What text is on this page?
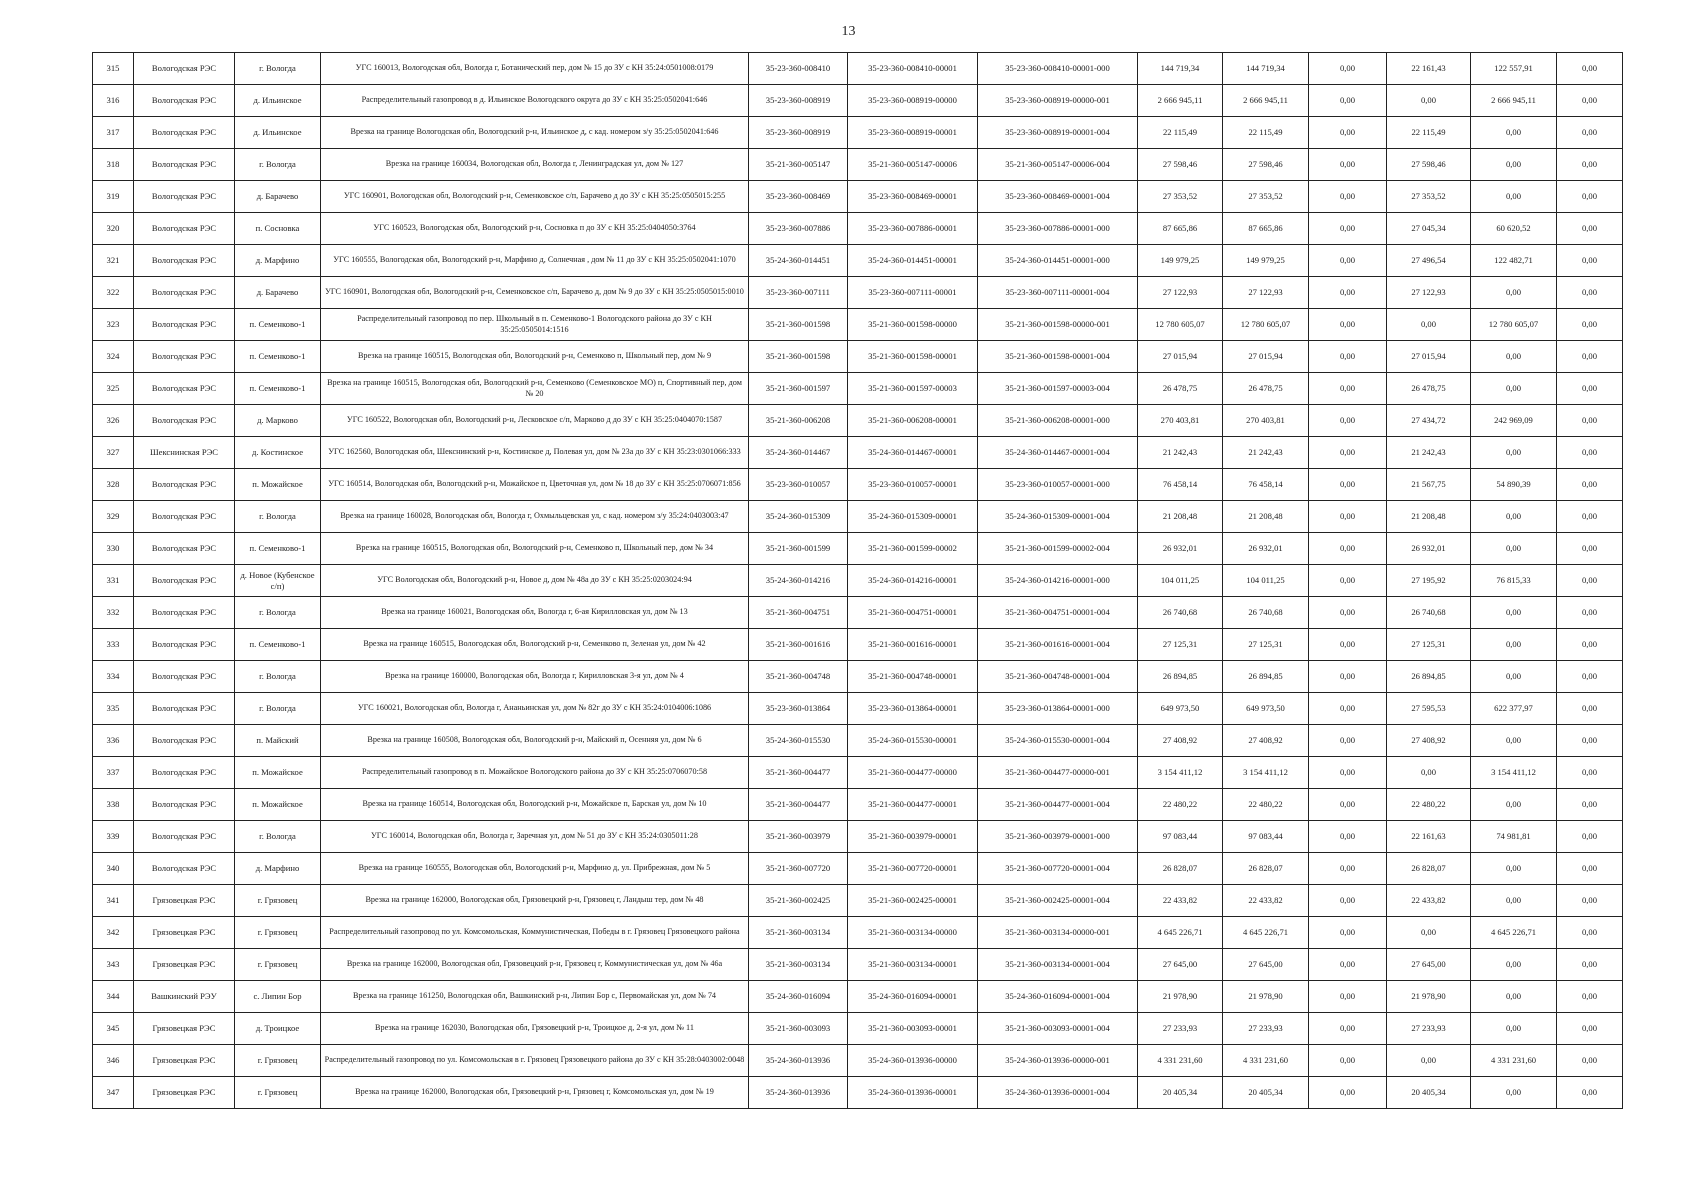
13
315	Вологодская РЭС	г. Вологда	УГС 160013, Вологодская обл, Вологда г, Ботанический пер, дом № 15 до ЗУ с КН 35:24:0501008:0179	35-23-360-008410	35-23-360-008410-00001	35-23-360-008410-00001-000	144 719,34	144 719,34	0,00	22 161,43	122 557,91	0,00
316	Вологодская РЭС	д. Ильинское	Распределительный газопровод в д. Ильинское Вологодского округа до ЗУ с КН 35:25:0502041:646	35-23-360-008919	35-23-360-008919-00000	35-23-360-008919-00000-001	2 666 945,11	2 666 945,11	0,00	0,00	2 666 945,11	0,00
317	Вологодская РЭС	д. Ильинское	Врезка на границе Вологодская обл, Вологодский р-н, Ильинское д, с кад. номером з/у 35:25:0502041:646	35-23-360-008919	35-23-360-008919-00001	35-23-360-008919-00001-004	22 115,49	22 115,49	0,00	22 115,49	0,00	0,00
318	Вологодская РЭС	г. Вологда	Врезка на границе 160034, Вологодская обл, Вологда г, Ленинградская ул, дом № 127	35-21-360-005147	35-21-360-005147-00006	35-21-360-005147-00006-004	27 598,46	27 598,46	0,00	27 598,46	0,00	0,00
319	Вологодская РЭС	д. Барачево	УГС 160901, Вологодская обл, Вологодский р-н, Семенковское с/п, Барачево д до ЗУ с КН 35:25:0505015:255	35-23-360-008469	35-23-360-008469-00001	35-23-360-008469-00001-004	27 353,52	27 353,52	0,00	27 353,52	0,00	0,00
320	Вологодская РЭС	п. Сосновка	УГС 160523, Вологодская обл, Вологодский р-н, Сосновка п до ЗУ с КН 35:25:0404050:3764	35-23-360-007886	35-23-360-007886-00001	35-23-360-007886-00001-000	87 665,86	87 665,86	0,00	27 045,34	60 620,52	0,00
321	Вологодская РЭС	д. Марфино	УГС 160555, Вологодская обл, Вологодский р-н, Марфино д, Солнечная , дом № 11 до ЗУ с КН 35:25:0502041:1070	35-24-360-014451	35-24-360-014451-00001	35-24-360-014451-00001-000	149 979,25	149 979,25	0,00	27 496,54	122 482,71	0,00
322	Вологодская РЭС	д. Барачево	УГС 160901, Вологодская обл, Вологодский р-н, Семенковское с/п, Барачево д, дом № 9 до ЗУ с КН 35:25:0505015:0010	35-23-360-007111	35-23-360-007111-00001	35-23-360-007111-00001-004	27 122,93	27 122,93	0,00	27 122,93	0,00	0,00
323	Вологодская РЭС	п. Семенково-1	Распределительный газопровод по пер. Школьный в п. Семенково-1 Вологодского района до ЗУ с КН 35:25:0505014:1516	35-21-360-001598	35-21-360-001598-00000	35-21-360-001598-00000-001	12 780 605,07	12 780 605,07	0,00	0,00	12 780 605,07	0,00
324	Вологодская РЭС	п. Семенково-1	Врезка на границе 160515, Вологодская обл, Вологодский р-н, Семенково п, Школьный пер, дом № 9	35-21-360-001598	35-21-360-001598-00001	35-21-360-001598-00001-004	27 015,94	27 015,94	0,00	27 015,94	0,00	0,00
325	Вологодская РЭС	п. Семенково-1	Врезка на границе 160515, Вологодская обл, Вологодский р-н, Семенково (Семенковское МО) п, Спортивный пер, дом № 20	35-21-360-001597	35-21-360-001597-00003	35-21-360-001597-00003-004	26 478,75	26 478,75	0,00	26 478,75	0,00	0,00
326	Вологодская РЭС	д. Марково	УГС 160522, Вологодская обл, Вологодский р-н, Лесковское с/п, Марково д до ЗУ с КН 35:25:0404070:1587	35-21-360-006208	35-21-360-006208-00001	35-21-360-006208-00001-000	270 403,81	270 403,81	0,00	27 434,72	242 969,09	0,00
327	Шекснинская РЭС	д. Костинское	УГС 162560, Вологодская обл, Шекснинский р-н, Костинское д, Полевая ул, дом № 23а до ЗУ с КН 35:23:0301066:333	35-24-360-014467	35-24-360-014467-00001	35-24-360-014467-00001-004	21 242,43	21 242,43	0,00	21 242,43	0,00	0,00
328	Вологодская РЭС	п. Можайское	УГС 160514, Вологодская обл, Вологодский р-н, Можайское п, Цветочная ул, дом № 18 до ЗУ с КН 35:25:0706071:856	35-23-360-010057	35-23-360-010057-00001	35-23-360-010057-00001-000	76 458,14	76 458,14	0,00	21 567,75	54 890,39	0,00
329	Вологодская РЭС	г. Вологда	Врезка на границе 160028, Вологодская обл, Вологда г, Охмыльцевская ул, с кад. номером з/у 35:24:0403003:47	35-24-360-015309	35-24-360-015309-00001	35-24-360-015309-00001-004	21 208,48	21 208,48	0,00	21 208,48	0,00	0,00
330	Вологодская РЭС	п. Семенково-1	Врезка на границе 160515, Вологодская обл, Вологодский р-н, Семенково п, Школьный пер, дом № 34	35-21-360-001599	35-21-360-001599-00002	35-21-360-001599-00002-004	26 932,01	26 932,01	0,00	26 932,01	0,00	0,00
331	Вологодская РЭС	д. Новое (Кубенское с/п)	УГС Вологодская обл, Вологодский р-н, Новое д, дом № 48а до ЗУ с КН 35:25:0203024:94	35-24-360-014216	35-24-360-014216-00001	35-24-360-014216-00001-000	104 011,25	104 011,25	0,00	27 195,92	76 815,33	0,00
332	Вологодская РЭС	г. Вологда	Врезка на границе 160021, Вологодская обл, Вологда г, 6-ая Кирилловская ул, дом № 13	35-21-360-004751	35-21-360-004751-00001	35-21-360-004751-00001-004	26 740,68	26 740,68	0,00	26 740,68	0,00	0,00
333	Вологодская РЭС	п. Семенково-1	Врезка на границе 160515, Вологодская обл, Вологодский р-н, Семенково п, Зеленая ул, дом № 42	35-21-360-001616	35-21-360-001616-00001	35-21-360-001616-00001-004	27 125,31	27 125,31	0,00	27 125,31	0,00	0,00
334	Вологодская РЭС	г. Вологда	Врезка на границе 160000, Вологодская обл, Вологда г, Кирилловская 3-я ул, дом № 4	35-21-360-004748	35-21-360-004748-00001	35-21-360-004748-00001-004	26 894,85	26 894,85	0,00	26 894,85	0,00	0,00
335	Вологодская РЭС	г. Вологда	УГС 160021, Вологодская обл, Вологда г, Ананьинская ул, дом № 82г до ЗУ с КН 35:24:0104006:1086	35-23-360-013864	35-23-360-013864-00001	35-23-360-013864-00001-000	649 973,50	649 973,50	0,00	27 595,53	622 377,97	0,00
336	Вологодская РЭС	п. Майский	Врезка на границе 160508, Вологодская обл, Вологодский р-н, Майский п, Осенняя ул, дом № 6	35-24-360-015530	35-24-360-015530-00001	35-24-360-015530-00001-004	27 408,92	27 408,92	0,00	27 408,92	0,00	0,00
337	Вологодская РЭС	п. Можайское	Распределительный газопровод в п. Можайское Вологодского района до ЗУ с КН 35:25:0706070:58	35-21-360-004477	35-21-360-004477-00000	35-21-360-004477-00000-001	3 154 411,12	3 154 411,12	0,00	0,00	3 154 411,12	0,00
338	Вологодская РЭС	п. Можайское	Врезка на границе 160514, Вологодская обл, Вологодский р-н, Можайское п, Барская ул, дом № 10	35-21-360-004477	35-21-360-004477-00001	35-21-360-004477-00001-004	22 480,22	22 480,22	0,00	22 480,22	0,00	0,00
339	Вологодская РЭС	г. Вологда	УГС 160014, Вологодская обл, Вологда г, Заречная ул, дом № 51 до ЗУ с КН 35:24:0305011:28	35-21-360-003979	35-21-360-003979-00001	35-21-360-003979-00001-000	97 083,44	97 083,44	0,00	22 161,63	74 981,81	0,00
340	Вологодская РЭС	д. Марфино	Врезка на границе 160555, Вологодская обл, Вологодский р-н, Марфино д, ул. Прибрежная, дом № 5	35-21-360-007720	35-21-360-007720-00001	35-21-360-007720-00001-004	26 828,07	26 828,07	0,00	26 828,07	0,00	0,00
341	Грязовецкая РЭС	г. Грязовец	Врезка на границе 162000, Вологодская обл, Грязовецкий р-н, Грязовец г, Ландыш тер, дом № 48	35-21-360-002425	35-21-360-002425-00001	35-21-360-002425-00001-004	22 433,82	22 433,82	0,00	22 433,82	0,00	0,00
342	Грязовецкая РЭС	г. Грязовец	Распределительный газопровод по ул. Комсомольская, Коммунистическая, Победы в г. Грязовец Грязовецкого района	35-21-360-003134	35-21-360-003134-00000	35-21-360-003134-00000-001	4 645 226,71	4 645 226,71	0,00	0,00	4 645 226,71	0,00
343	Грязовецкая РЭС	г. Грязовец	Врезка на границе 162000, Вологодская обл, Грязовецкий р-н, Грязовец г, Коммунистическая ул, дом № 46а	35-21-360-003134	35-21-360-003134-00001	35-21-360-003134-00001-004	27 645,00	27 645,00	0,00	27 645,00	0,00	0,00
344	Вашкинский РЭУ	с. Липин Бор	Врезка на границе 161250, Вологодская обл, Вашкинский р-н, Липин Бор с, Первомайская ул, дом № 74	35-24-360-016094	35-24-360-016094-00001	35-24-360-016094-00001-004	21 978,90	21 978,90	0,00	21 978,90	0,00	0,00
345	Грязовецкая РЭС	д. Троицкое	Врезка на границе 162030, Вологодская обл, Грязовецкий р-н, Троицкое д, 2-я ул, дом № 11	35-21-360-003093	35-21-360-003093-00001	35-21-360-003093-00001-004	27 233,93	27 233,93	0,00	27 233,93	0,00	0,00
346	Грязовецкая РЭС	г. Грязовец	Распределительный газопровод по ул. Комсомольская в г. Грязовец Грязовецкого района до ЗУ с КН 35:28:0403002:0048	35-24-360-013936	35-24-360-013936-00000	35-24-360-013936-00000-001	4 331 231,60	4 331 231,60	0,00	0,00	4 331 231,60	0,00
347	Грязовецкая РЭС	г. Грязовец	Врезка на границе 162000, Вологодская обл, Грязовецкий р-н, Грязовец г, Комсомольская ул, дом № 19	35-24-360-013936	35-24-360-013936-00001	35-24-360-013936-00001-004	20 405,34	20 405,34	0,00	20 405,34	0,00	0,00
